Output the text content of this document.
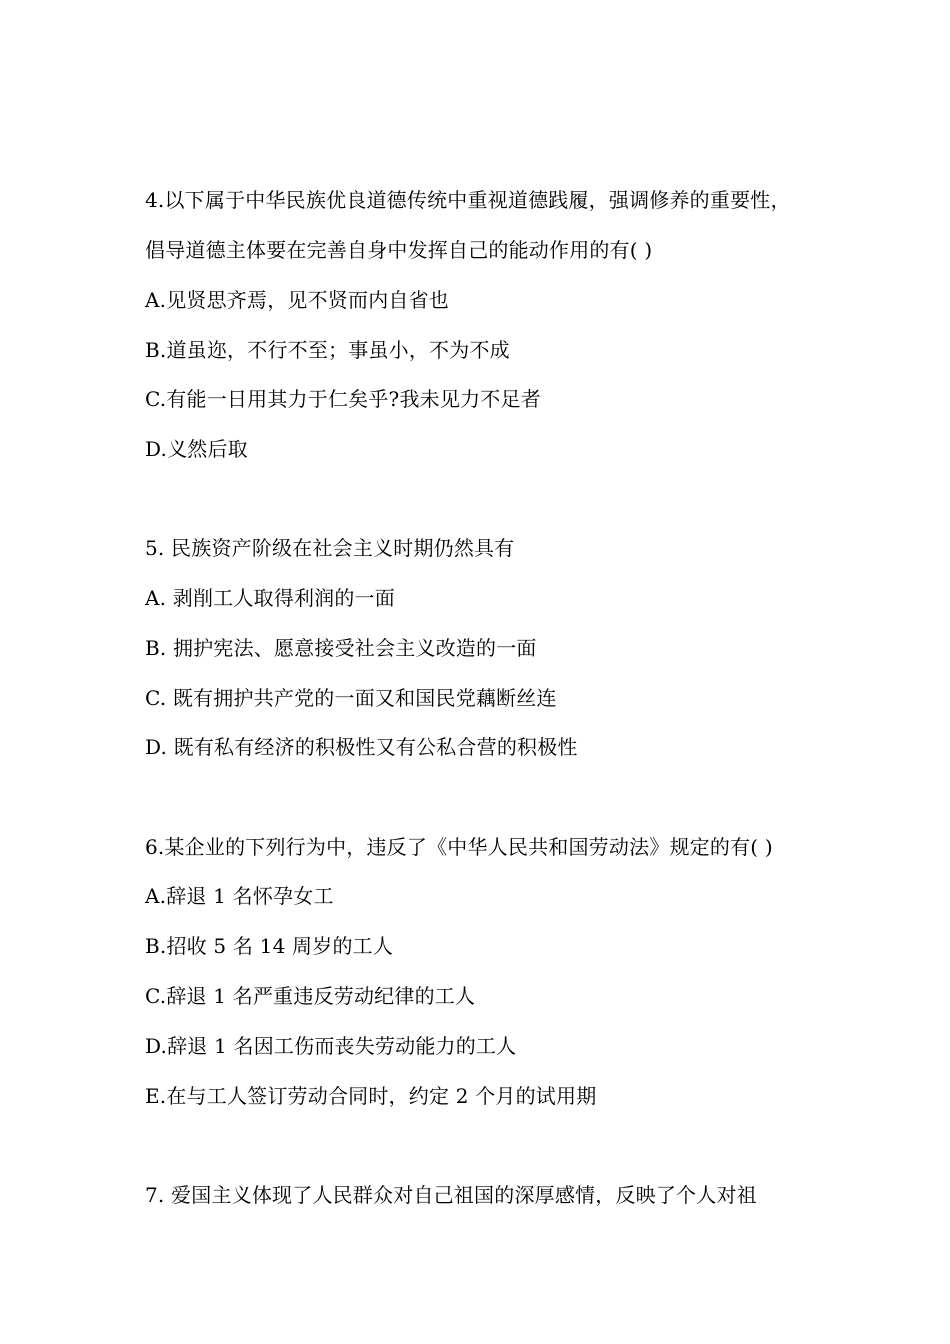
4.以下属于中华民族优良道德传统中重视道德践履，强调修养的重要性，
倡导道德主体要在完善自身中发挥自己的能动作用的有( )
A.见贤思齐焉，见不贤而内自省也
B.道虽迩，不行不至；事虽小，不为不成
C.有能一日用其力于仁矣乎?我未见力不足者
D.义然后取
5. 民族资产阶级在社会主义时期仍然具有
A. 剥削工人取得利润的一面
B. 拥护宪法、愿意接受社会主义改造的一面
C. 既有拥护共产党的一面又和国民党藕断丝连
D. 既有私有经济的积极性又有公私合营的积极性
6.某企业的下列行为中，违反了《中华人民共和国劳动法》规定的有( )
A.辞退 1 名怀孕女工
B.招收 5 名 14 周岁的工人
C.辞退 1 名严重违反劳动纪律的工人
D.辞退 1 名因工伤而丧失劳动能力的工人
E.在与工人签订劳动合同时，约定 2 个月的试用期
7. 爱国主义体现了人民群众对自己祖国的深厚感情，反映了个人对祖
